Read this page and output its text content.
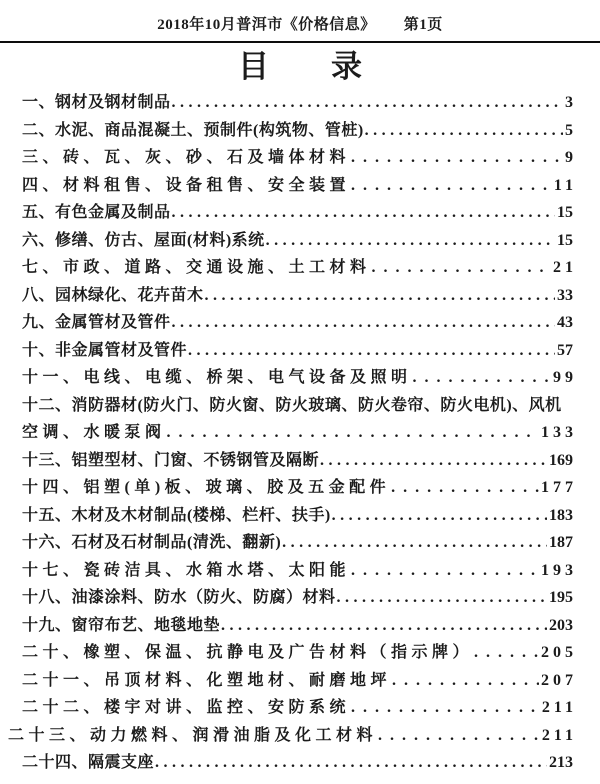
2018年10月普洱市《价格信息》 第1页
目录
一、钢材及钢材制品 .....	3
二、水泥、商品混凝土、预制件(构筑物、管桩) .....	5
三、砖、瓦、灰、砂、石及墙体材料 .....	9
四、材料租售、设备租售、安全装置 .....	11
五、有色金属及制品 .....	15
六、修缮、仿古、屋面(材料)系统 .....	15
七、市政、道路、交通设施、土工材料 .....	21
八、园林绿化、花卉苗木 .....	33
九、金属管材及管件 .....	43
十、非金属管材及管件 .....	57
十一、电线、电缆、桥架、电气设备及照明 .....	99
十二、消防器材(防火门、防火窗、防火玻璃、防火卷帘、防火电机)、风机
空调、水暖泵阀 .....	133
十三、铝塑型材、门窗、不锈钢管及隔断 .....	169
十四、铝塑(单)板、玻璃、胶及五金配件 .....	177
十五、木材及木材制品(楼梯、栏杆、扶手) .....	183
十六、石材及石材制品(清洗、翻新) .....	187
十七、瓷砖洁具、水箱水塔、太阳能 .....	193
十八、油漆涂料、防水（防火、防腐）材料 .....	195
十九、窗帘布艺、地毯地垫 .....	203
二十、橡塑、保温、抗静电及广告材料（指示牌） .....	205
二十一、吊顶材料、化塑地材、耐磨地坪 .....	207
二十二、楼宇对讲、监控、安防系统 .....	211
二十三、动力燃料、润滑油脂及化工材料 .....	211
二十四、隔震支座 .....	213
